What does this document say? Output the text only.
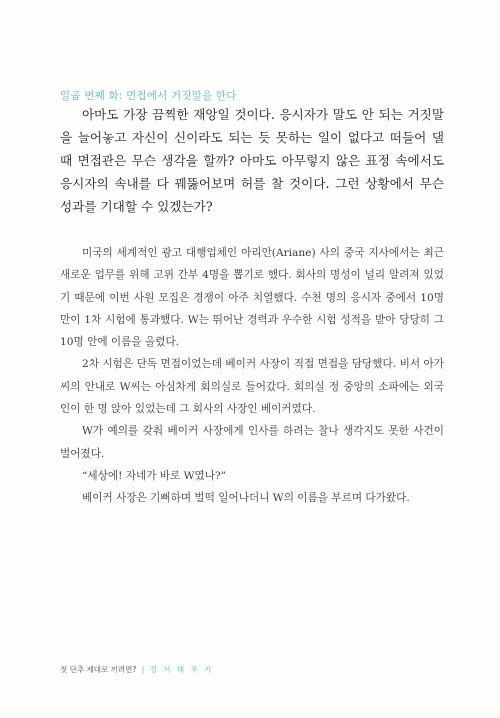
일곱 번째 화: 면접에서 거짓말을 한다

아마도 가장 끔찍한 재앙일 것이다. 응시자가 말도 안 되는 거짓말을 늘어놓고 자신이 신이라도 되는 듯 못하는 일이 없다고 떠들어 댈 때 면접관은 무슨 생각을 할까? 아마도 아무렇지 않은 표정 속에서도 응시자의 속내를 다 꿰뚫어보며 허를 찰 것이다. 그런 상황에서 무슨 성과를 기대할 수 있겠는가?

미국의 세계적인 광고 대행업체인 아리안(Ariane) 사의 중국 지사에서는 최근 새로운 업무를 위해 고위 간부 4명을 뽑기로 했다. 회사의 명성이 널리 알려져 있었기 때문에 이번 사원 모집은 경쟁이 아주 치열했다. 수천 명의 응시자 중에서 10명만이 1차 시험에 통과했다. W는 뛰어난 경력과 우수한 시험 성적을 받아 당당히 그 10명 안에 이름을 올렸다.

2차 시험은 단독 면접이었는데 베이커 사장이 직접 면접을 담당했다. 비서 아가씨의 안내로 W씨는 아심차게 회의실로 들어갔다. 회의실 정 중앙의 소파에는 외국인이 한 명 앉아 있었는데 그 회사의 사장인 베이커였다.

W가 예의를 갖춰 베이커 사장에게 인사를 하려는 찰나 생각지도 못한 사건이 벌어졌다.

“세상에! 자네가 바로 W였나?”

베이커 사장은 기뻐하며 벌떡 일어나더니 W의 이름을 부르며 다가왔다.

첫 단추 제대로 끼려면? | 정 서 태 우 기
